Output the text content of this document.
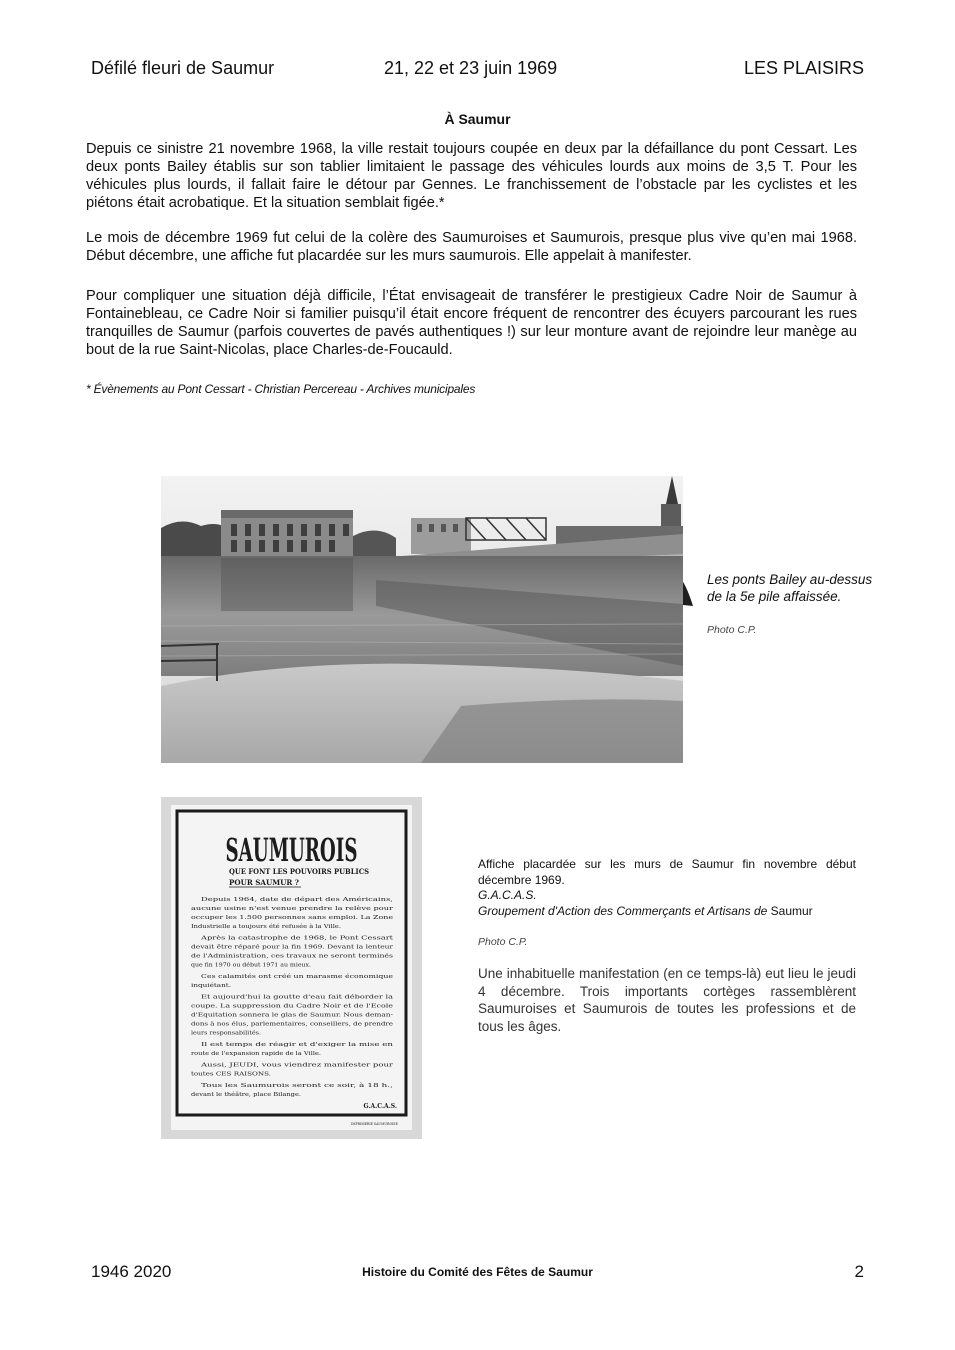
Défilé fleuri de Saumur	21, 22 et 23 juin 1969	LES PLAISIRS
À Saumur

Depuis ce sinistre 21 novembre 1968, la ville restait toujours coupée en deux par la défaillance du pont Cessart. Les deux ponts Bailey établis sur son tablier limitaient le passage des véhicules lourds aux moins de 3,5 T. Pour les véhicules plus lourds, il fallait faire le détour par Gennes. Le franchissement de l’obstacle par les cyclistes et les piétons était acrobatique. Et la situation semblait figée.*

Le mois de décembre 1969 fut celui de la colère des Saumuroises et Saumurois, presque plus vive qu’en mai 1968. Début décembre, une affiche fut placardée sur les murs saumurois. Elle appelait à manifester.

Pour compliquer une situation déjà difficile, l’État envisageait de transférer le prestigieux Cadre Noir de Saumur à Fontainebleau, ce Cadre Noir si familier puisqu’il était encore fréquent de rencontrer des écuyers parcourant les rues tranquilles de Saumur (parfois couvertes de pavés authentiques !) sur leur monture avant de rejoindre leur manège au bout de la rue Saint-Nicolas, place Charles-de-Foucauld.

* Évènements au Pont Cessart - Christian Percereau - Archives municipales
Les ponts Bailey au-dessus de la 5e pile affaissée.
Photo C.P.
SAUMUROIS
QUE FONT LES POUVOIRS PUBLICS
POUR SAUMUR ?
Depuis 1964, date de départ des Américains,
aucune usine n'est venue prendre la relève pour
occuper les 1.500 personnes sans emploi. La Zone
Industrielle a toujours été refusée à la Ville.
Après la catastrophe de 1968, le Pont Cessart
devait être réparé pour la fin 1969. Devant la lenteur
de l'Administration, ces travaux ne seront terminés
que fin 1970 ou début 1971 au mieux.
Ces calamités ont créé un marasme économique
inquiétant.
Et aujourd'hui la goutte d'eau fait déborder la
coupe. La suppression du Cadre Noir et de l'Ecole
d'Equitation sonnera le glas de Saumur. Nous deman-
dons à nos élus, parlementaires, conseillers, de prendre
leurs responsabilités.
Il est temps de réagir et d'exiger la mise en
route de l'expansion rapide de la Ville.
Aussi, JEUDI, vous viendrez manifester pour
toutes CES RAISONS.
Tous les Saumurois seront ce soir, à 18 h.,
devant le théâtre, place Bilange.
G.A.C.A.S.
IMPRIMERIE SAUMUROISE
Affiche placardée sur les murs de Saumur fin novembre début décembre 1969.
G.A.C.A.S.
Groupement d'Action des Commerçants et Artisans de Saumur
Photo C.P.
Une inhabituelle manifestation (en ce temps-là) eut lieu le jeudi 4 décembre. Trois importants cortèges rassemblèrent Saumuroises et Saumurois de toutes les professions et de tous les âges.
1946 2020	Histoire du Comité des Fêtes de Saumur	2
